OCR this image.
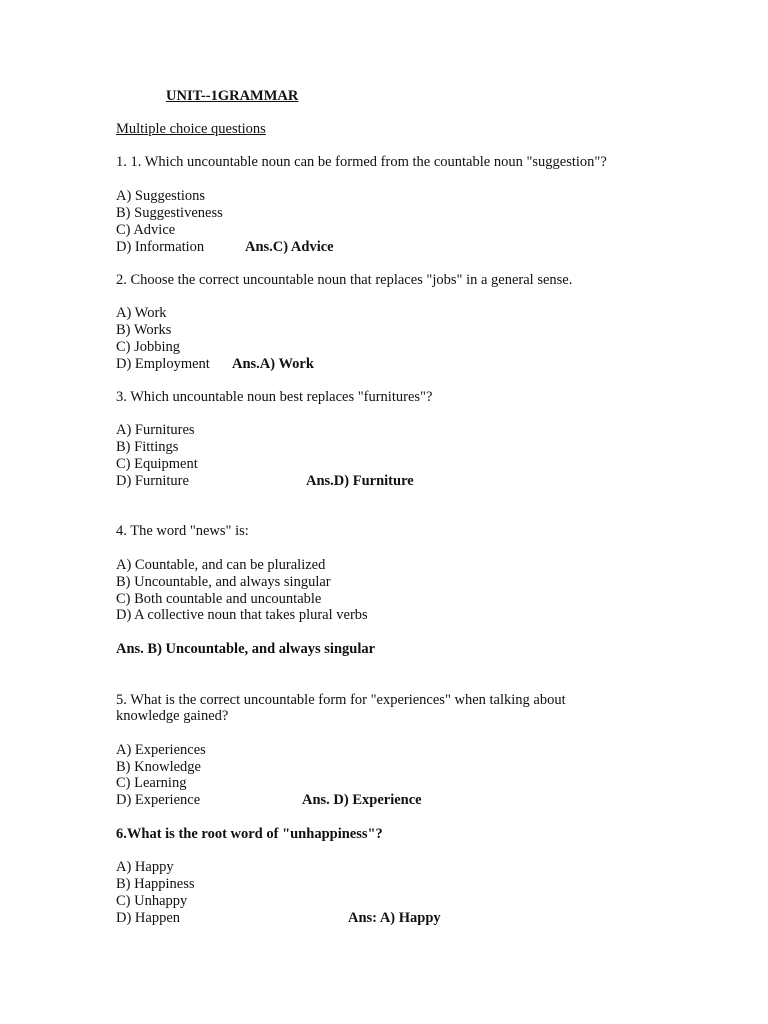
UNIT--1GRAMMAR
Multiple choice questions
1. 1. Which uncountable noun can be formed from the countable noun "suggestion"?
A) Suggestions
B) Suggestiveness
C) Advice
D) Information	Ans.C) Advice
2. Choose the correct uncountable noun that replaces "jobs" in a general sense.
A) Work
B) Works
C) Jobbing
D) Employment Ans.A) Work
3. Which uncountable noun best replaces "furnitures"?
A) Furnitures
B) Fittings
C) Equipment
D) Furniture	Ans.D) Furniture
4. The word "news" is:
A) Countable, and can be pluralized
B) Uncountable, and always singular
C) Both countable and uncountable
D) A collective noun that takes plural verbs
Ans. B) Uncountable, and always singular
5. What is the correct uncountable form for "experiences" when talking about
knowledge gained?
A) Experiences
B) Knowledge
C) Learning
D) Experience	Ans. D) Experience
6.What is the root word of "unhappiness"?
A) Happy
B) Happiness
C) Unhappy
D) Happen	Ans: A) Happy
